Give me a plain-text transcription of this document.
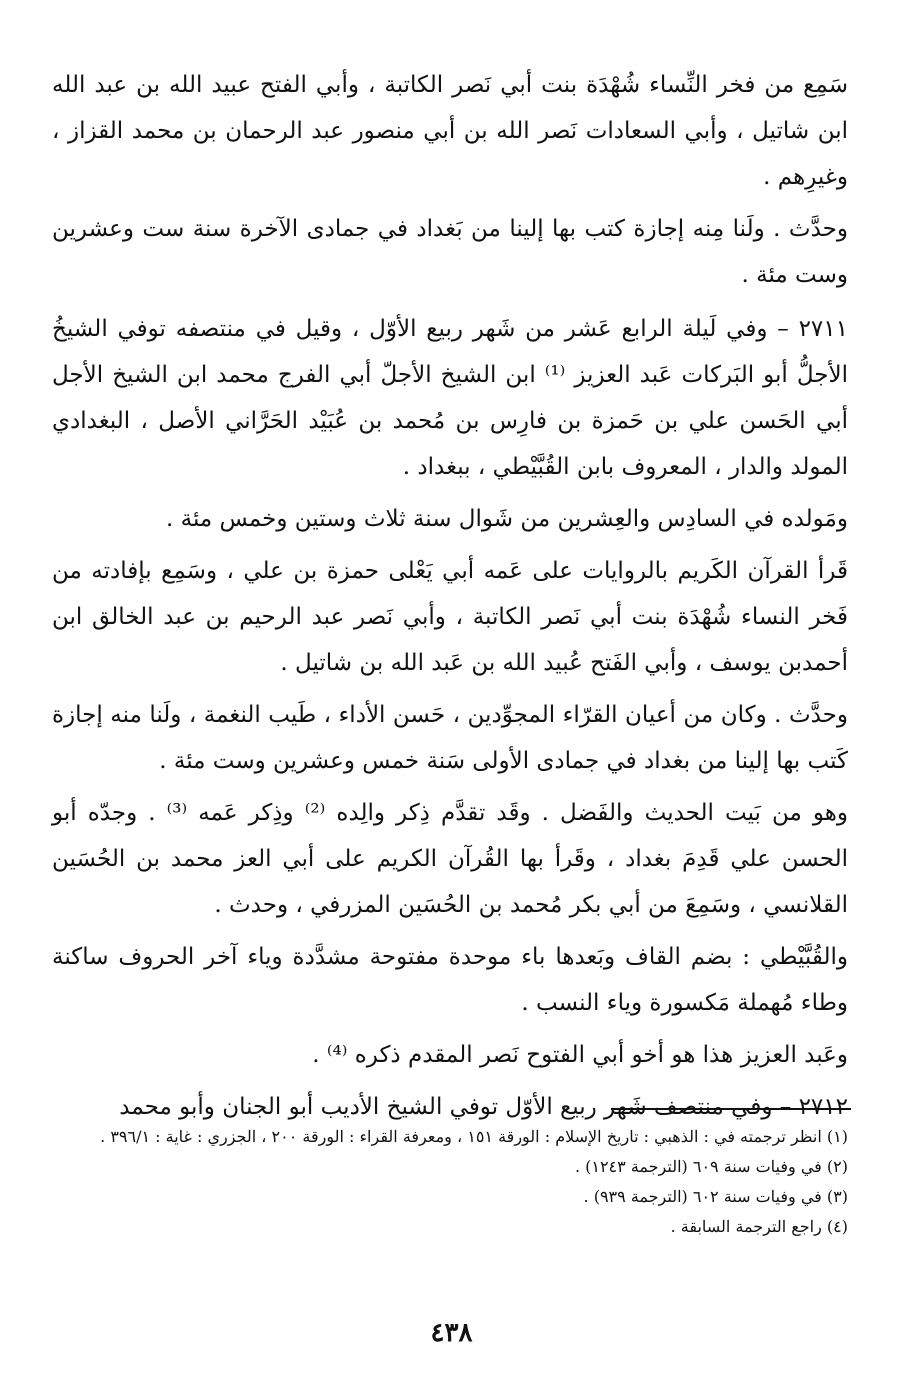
سَمِع من فخر النِّساء شُهْدَة بنت أبي نَصر الكاتبة ، وأبي الفتح عبيد الله بن عبد الله ابن شاتيل ، وأبي السعادات نَصر الله بن أبي منصور عبد الرحمان بن محمد القزاز ، وغيرِهم .

وحدَّث . ولَنا مِنه إجازة كتب بها إلينا من بَغداد في جمادى الآخرة سنة ست وعشرين وست مئة .

٢٧١١ – وفي لَيلة الرابع عَشر من شَهر ربيع الأوّل ، وقيل في منتصفه توفي الشيخُ الأجلُّ أبو البَركات عَبد العزيز ⁽¹⁾ ابن الشيخ الأجلّ أبي الفرج محمد ابن الشيخ الأجل أبي الحَسن علي بن حَمزة بن فارِس بن مُحمد بن عُبَيْد الحَرَّاني الأصل ، البغدادي المولد والدار ، المعروف بابن القُبَّيْطي ، ببغداد .

ومَولده في السادِس والعِشرين من شَوال سنة ثلاث وستين وخمس مئة .

قَرأ القرآن الكَريم بالروايات على عَمه أبي يَعْلى حمزة بن علي ، وسَمِع بإفادته من فَخر النساء شُهْدَة بنت أبي نَصر الكاتبة ، وأبي نَصر عبد الرحيم بن عبد الخالق ابن أحمدبن يوسف ، وأبي الفَتح عُبيد الله بن عَبد الله بن شاتيل .

وحدَّث . وكان من أعيان القرّاء المجوِّدين ، حَسن الأداء ، طَيب النغمة ، ولَنا منه إجازة كَتب بها إلينا من بغداد في جمادى الأولى سَنة خمس وعشرين وست مئة .

وهو من بَيت الحديث والفَضل . وقَد تقدَّم ذِكر والِده ⁽²⁾ وذِكر عَمه ⁽³⁾ . وجدّه أبو الحسن علي قَدِمَ بغداد ، وقَرأ بها القُرآن الكريم على أبي العز محمد بن الحُسَين القلانسي ، وسَمِعَ من أبي بكر مُحمد بن الحُسَين المزرفي ، وحدث .

والقُبَّيْطي : بضم القاف وبَعدها باء موحدة مفتوحة مشدَّدة وياء آخر الحروف ساكنة وطاء مُهملة مَكسورة وياء النسب .

وعَبد العزيز هذا هو أخو أبي الفتوح نَصر المقدم ذكره ⁽⁴⁾ .

٢٧١٢ – وفي منتصف شَهر ربيع الأوّل توفي الشيخ الأديب أبو الجنان وأبو محمد

(١) انظر ترجمته في : الذهبي : تاريخ الإسلام : الورقة ١٥١ ، ومعرفة القراء : الورقة ٢٠٠ ، الجزري : غاية : ٣٩٦/١ .

(٢) في وفيات سنة ٦٠٩ (الترجمة ١٢٤٣) .

(٣) في وفيات سنة ٦٠٢ (الترجمة ٩٣٩) .

(٤) راجع الترجمة السابقة .

٤٣٨
